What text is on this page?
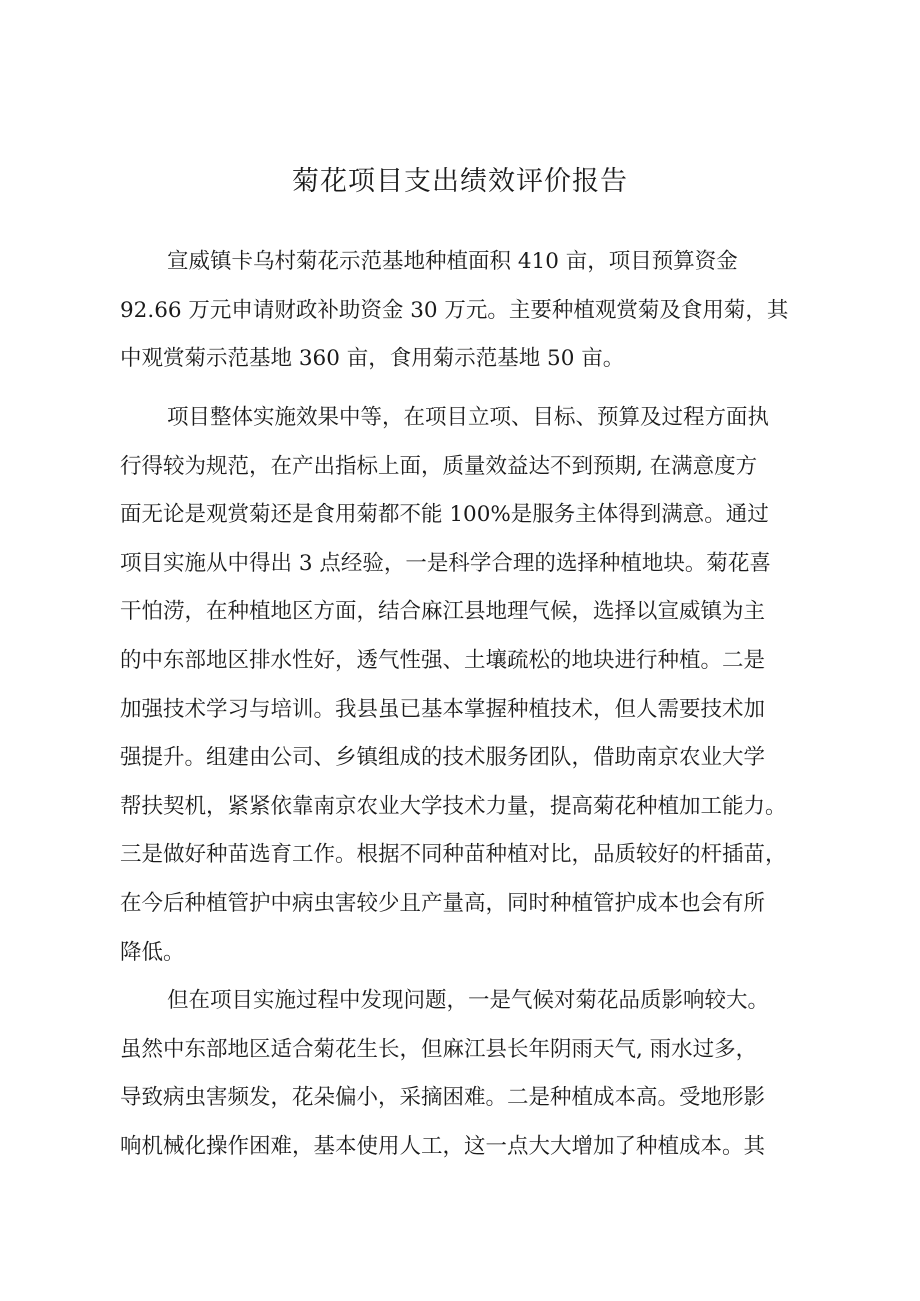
菊花项目支出绩效评价报告
宣威镇卡乌村菊花示范基地种植面积 410 亩，项目预算资金
92.66 万元申请财政补助资金 30 万元。主要种植观赏菊及食用菊，其
中观赏菊示范基地 360 亩，食用菊示范基地 50 亩。
项目整体实施效果中等，在项目立项、目标、预算及过程方面执
行得较为规范，在产出指标上面，质量效益达不到预期, 在满意度方
面无论是观赏菊还是食用菊都不能 100%是服务主体得到满意。通过
项目实施从中得出 3 点经验，一是科学合理的选择种植地块。菊花喜
干怕涝，在种植地区方面，结合麻江县地理气候，选择以宣威镇为主
的中东部地区排水性好，透气性强、土壤疏松的地块进行种植。二是
加强技术学习与培训。我县虽已基本掌握种植技术，但人需要技术加
强提升。组建由公司、乡镇组成的技术服务团队，借助南京农业大学
帮扶契机，紧紧依靠南京农业大学技术力量，提高菊花种植加工能力。
三是做好种苗选育工作。根据不同种苗种植对比，品质较好的杆插苗，
在今后种植管护中病虫害较少且产量高，同时种植管护成本也会有所
降低。
但在项目实施过程中发现问题，一是气候对菊花品质影响较大。
虽然中东部地区适合菊花生长，但麻江县长年阴雨天气, 雨水过多，
导致病虫害频发，花朵偏小，采摘困难。二是种植成本高。受地形影
响机械化操作困难，基本使用人工，这一点大大增加了种植成本。其
